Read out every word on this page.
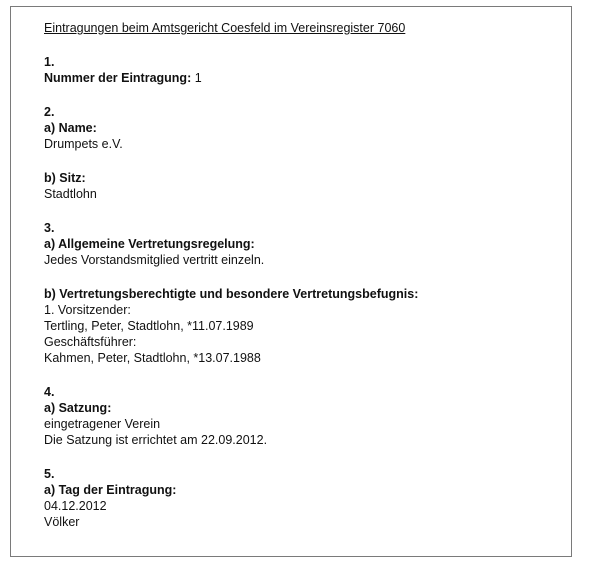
Eintragungen beim Amtsgericht Coesfeld im Vereinsregister 7060
1.
Nummer der Eintragung: 1
2.
a) Name:
Drumpets e.V.
b) Sitz:
Stadtlohn
3.
a) Allgemeine Vertretungsregelung:
Jedes Vorstandsmitglied vertritt einzeln.
b) Vertretungsberechtigte und besondere Vertretungsbefugnis:
1. Vorsitzender:
Tertling, Peter, Stadtlohn, *11.07.1989
Geschäftsführer:
Kahmen, Peter, Stadtlohn, *13.07.1988
4.
a) Satzung:
eingetragener Verein
Die Satzung ist errichtet am 22.09.2012.
5.
a) Tag der Eintragung:
04.12.2012
Völker
